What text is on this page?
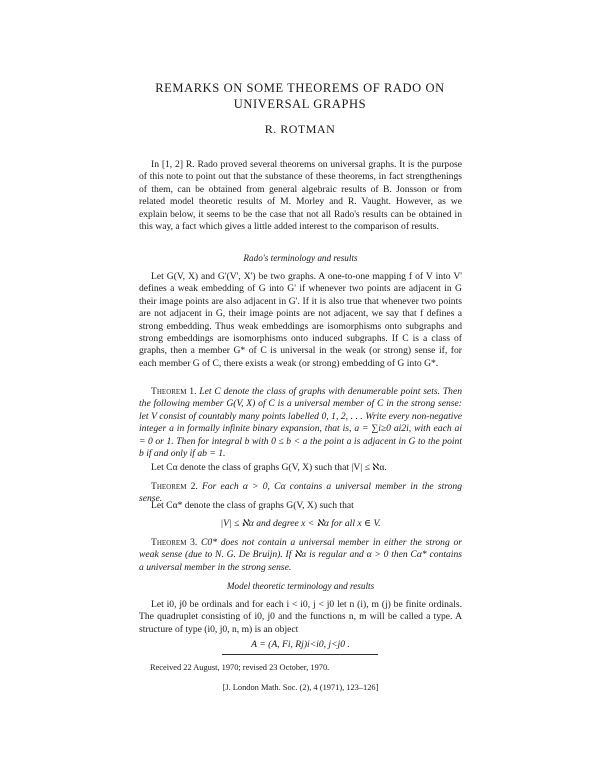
REMARKS ON SOME THEOREMS OF RADO ON
UNIVERSAL GRAPHS
R. ROTMAN

In [1, 2] R. Rado proved several theorems on universal graphs. It is the purpose of this note to point out that the substance of these theorems, in fact strengthenings of them, can be obtained from general algebraic results of B. Jonsson or from related model theoretic results of M. Morley and R. Vaught. However, as we explain below, it seems to be the case that not all Rado's results can be obtained in this way, a fact which gives a little added interest to the comparison of results.

Rado's terminology and results

Let G(V, X) and G'(V', X') be two graphs. A one-to-one mapping f of V into V' defines a weak embedding of G into G' if whenever two points are adjacent in G their image points are also adjacent in G'. If it is also true that whenever two points are not adjacent in G, their image points are not adjacent, we say that f defines a strong embedding. Thus weak embeddings are isomorphisms onto subgraphs and strong embeddings are isomorphisms onto induced subgraphs. If C is a class of graphs, then a member G* of C is universal in the weak (or strong) sense if, for each member G of C, there exists a weak (or strong) embedding of G into G*.

Theorem 1. Let C denote the class of graphs with denumerable point sets. Then the following member G(V, X) of C is a universal member of C in the strong sense: let V consist of countably many points labelled 0, 1, 2, . . . Write every non-negative integer a in formally infinite binary expansion, that is, a = ∑i≥0 ai2i, with each ai = 0 or 1. Then for integral b with 0 ≤ b < a the point a is adjacent in G to the point b if and only if ab = 1.

Let Cα denote the class of graphs G(V, X) such that |V| ≤ ℵα.

Theorem 2. For each α > 0, Cα contains a universal member in the strong sense.

Let Cα* denote the class of graphs G(V, X) such that

|V| ≤ ℵα and degree x < ℵα for all x ∈ V.

Theorem 3. C0* does not contain a universal member in either the strong or weak sense (due to N. G. De Bruijn). If ℵα is regular and α > 0 then Cα* contains a universal member in the strong sense.

Model theoretic terminology and results

Let i0, j0 be ordinals and for each i < i0, j < j0 let n (i), m (j) be finite ordinals. The quadruplet consisting of i0, j0 and the functions n, m will be called a type. A structure of type (i0, j0, n, m) is an object

A = (A, Fi, Rj)i<i0, j<j0 .
Received 22 August, 1970; revised 23 October, 1970.
[J. London Math. Soc. (2), 4 (1971), 123–126]
